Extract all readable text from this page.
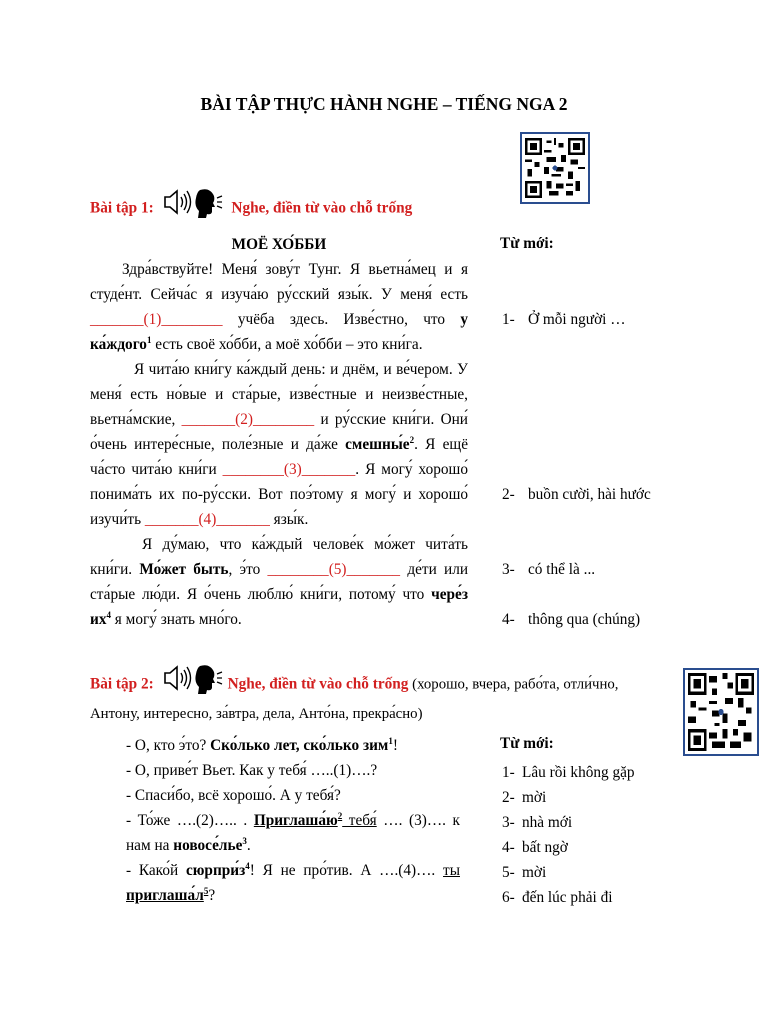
BÀI TẬP THỰC HÀNH NGHE – TIẾNG NGA 2
Bài tập 1:	Nghe, điền từ vào chỗ trống

МОЁ ХО́ББИ

Здра́вствуйте! Меня́ зову́т Тунг. Я вьетна́мец и я студе́нт. Сейча́с я изуча́ю ру́сский язы́к. У меня́ есть _______(1)________ учёба здесь. Изве́стно, что у ка́ждого$^1$ есть своё хо́бби, а моё хо́бби – это кни́га.

Я чита́ю кни́гу ка́ждый день: и днём, и ве́чером. У меня́ есть но́вые и ста́рые, изве́стные и неизве́стные, вьетна́мские, _______(2)________ и ру́сские кни́ги. Они́ о́чень интере́сные, поле́зные и да́же $смешны́е^2$. Я ещё ча́сто чита́ю кни́ги ________(3)_______. Я могу́ хорошо́ понима́ть их по-ру́сски. Вот поэ́тому я могу́ и хорошо́ изучи́ть _______(4)_______ язы́к.

Я ду́маю, что ка́ждый челове́к мо́жет чита́ть кни́ги. Мо́жет быть, э́то ________(5)_______ де́ти или ста́рые лю́ди. Я о́чень люблю́ кни́ги, потому́ что чере́з $их^4$ я могу́ знать мно́го.

Từ mới:
1- Ở mỗi người …
2- buồn cười, hài hước
3- có thể là ...
4- thông qua (chúng)
Bài tập 2:	Nghe, điền từ vào chỗ trống (хорошо, вчера, рабо́та, отли́чно,
Антону, интересно, за́втра, дела, Анто́на, прекра́сно)

- О, кто э́то? Ско́лько лет, ско́лько зим$^1$!

- О, приве́т Вьет. Как у тебя́ …..(1)….?

- Спаси́бо, всё хорошо́. А у тебя́?

- То́же ….(2)….. . $Приглаша́ю^2$ тебя́ …. (3)…. к нам на новосе́лье$^3$.

- Како́й $сюрпри́з^4$! Я не про́тив. А ….(4)…. ты $приглаша́л^5$?

Từ mới:
1- Lâu rồi không gặp
2- mời
3- nhà mới
4- bất ngờ
5- mời
6- đến lúc phải đi
